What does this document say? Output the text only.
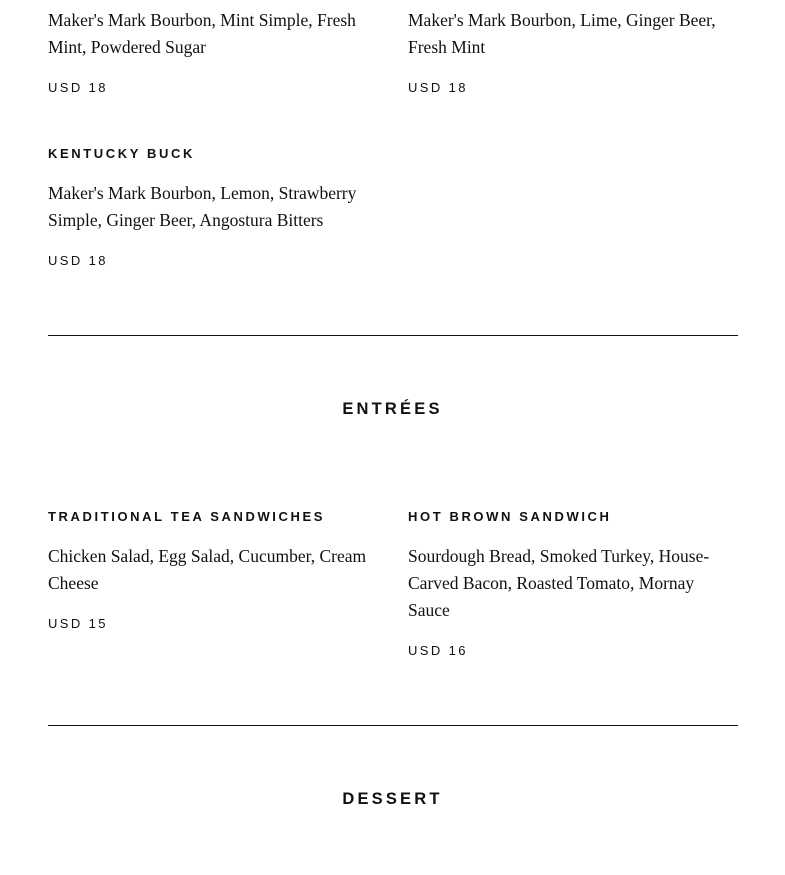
Maker's Mark Bourbon, Mint Simple, Fresh Mint, Powdered Sugar

USD 18

Maker's Mark Bourbon, Lime, Ginger Beer, Fresh Mint

USD 18

KENTUCKY BUCK

Maker's Mark Bourbon, Lemon, Strawberry Simple, Ginger Beer, Angostura Bitters

USD 18

ENTRÉES
TRADITIONAL TEA SANDWICHES

Chicken Salad, Egg Salad, Cucumber, Cream Cheese

USD 15

HOT BROWN SANDWICH

Sourdough Bread, Smoked Turkey, House-Carved Bacon, Roasted Tomato, Mornay Sauce

USD 16

DESSERT
